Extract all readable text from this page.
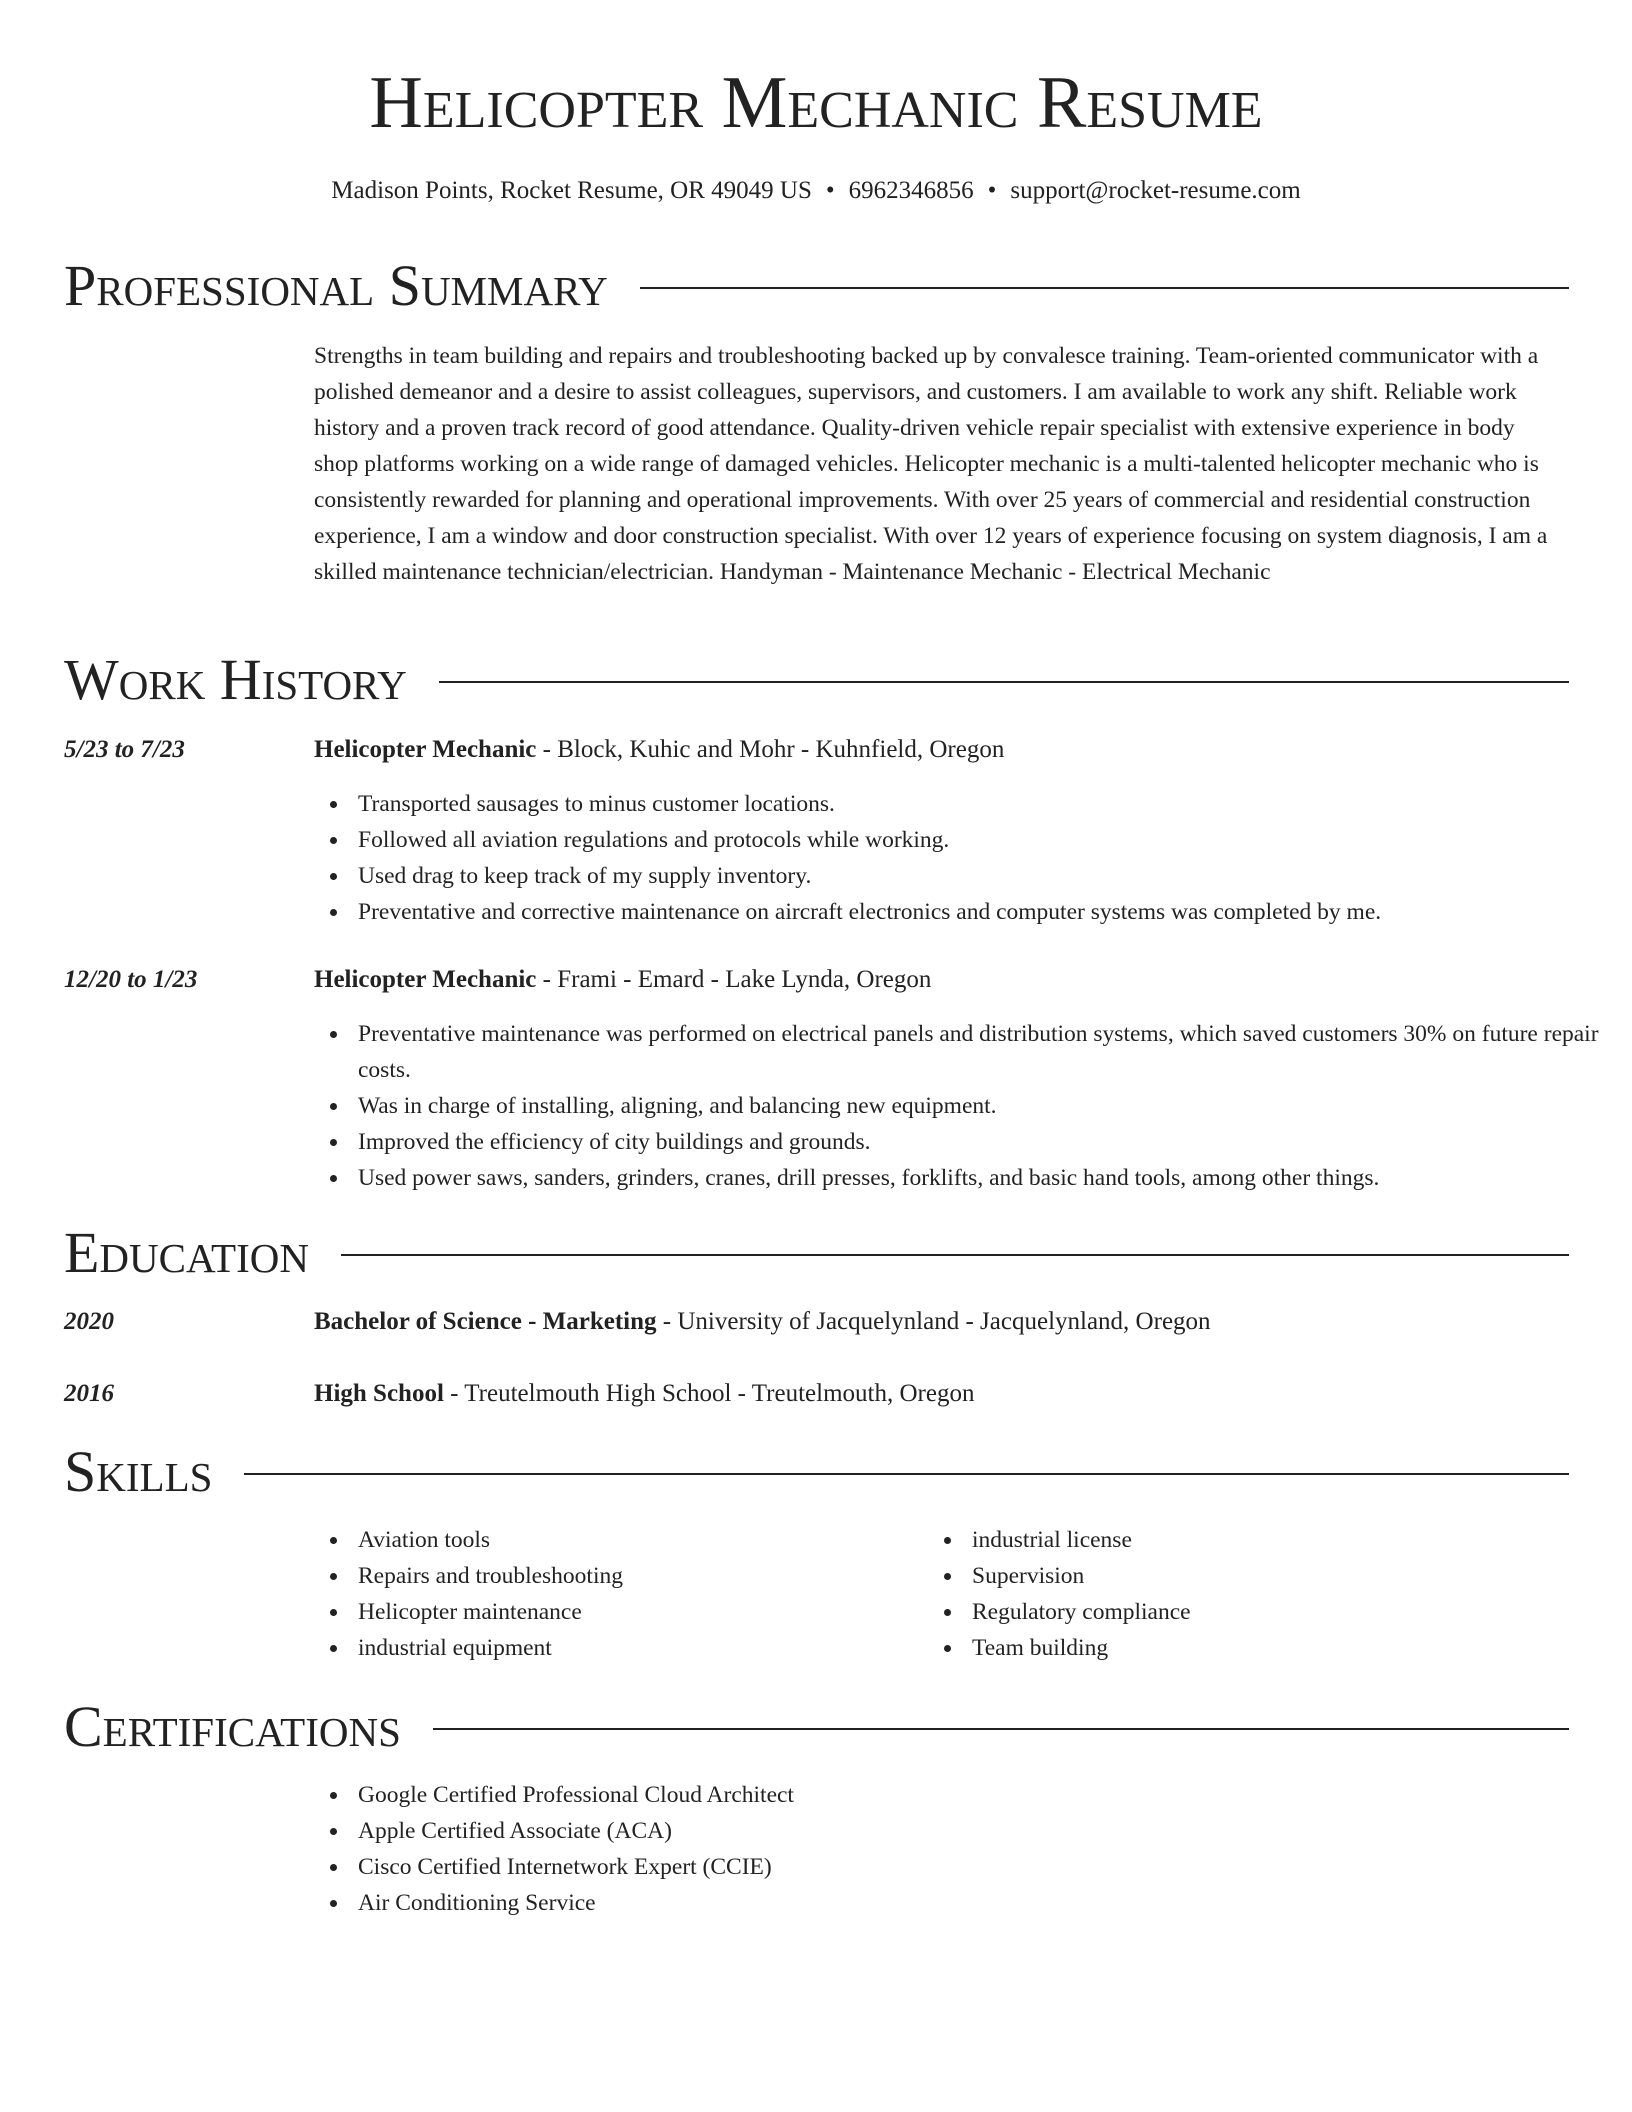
Helicopter Mechanic Resume
Madison Points, Rocket Resume, OR 49049 US • 6962346856 • support@rocket-resume.com
Professional Summary

Strengths in team building and repairs and troubleshooting backed up by convalesce training. Team-oriented communicator with a polished demeanor and a desire to assist colleagues, supervisors, and customers. I am available to work any shift. Reliable work history and a proven track record of good attendance. Quality-driven vehicle repair specialist with extensive experience in body shop platforms working on a wide range of damaged vehicles. Helicopter mechanic is a multi-talented helicopter mechanic who is consistently rewarded for planning and operational improvements. With over 25 years of commercial and residential construction experience, I am a window and door construction specialist. With over 12 years of experience focusing on system diagnosis, I am a skilled maintenance technician/electrician. Handyman - Maintenance Mechanic - Electrical Mechanic

Work History
5/23 to 7/23	Helicopter Mechanic - Block, Kuhic and Mohr - Kuhnfield, Oregon
Transported sausages to minus customer locations.
Followed all aviation regulations and protocols while working.
Used drag to keep track of my supply inventory.
Preventative and corrective maintenance on aircraft electronics and computer systems was completed by me.
12/20 to 1/23	Helicopter Mechanic - Frami - Emard - Lake Lynda, Oregon
Preventative maintenance was performed on electrical panels and distribution systems, which saved customers 30% on future repair costs.
Was in charge of installing, aligning, and balancing new equipment.
Improved the efficiency of city buildings and grounds.
Used power saws, sanders, grinders, cranes, drill presses, forklifts, and basic hand tools, among other things.
Education
2020	Bachelor of Science - Marketing - University of Jacquelynland - Jacquelynland, Oregon
2016	High School - Treutelmouth High School - Treutelmouth, Oregon
Skills
Aviation tools
Repairs and troubleshooting
Helicopter maintenance
industrial equipment
industrial license
Supervision
Regulatory compliance
Team building
Certifications
Google Certified Professional Cloud Architect
Apple Certified Associate (ACA)
Cisco Certified Internetwork Expert (CCIE)
Air Conditioning Service
